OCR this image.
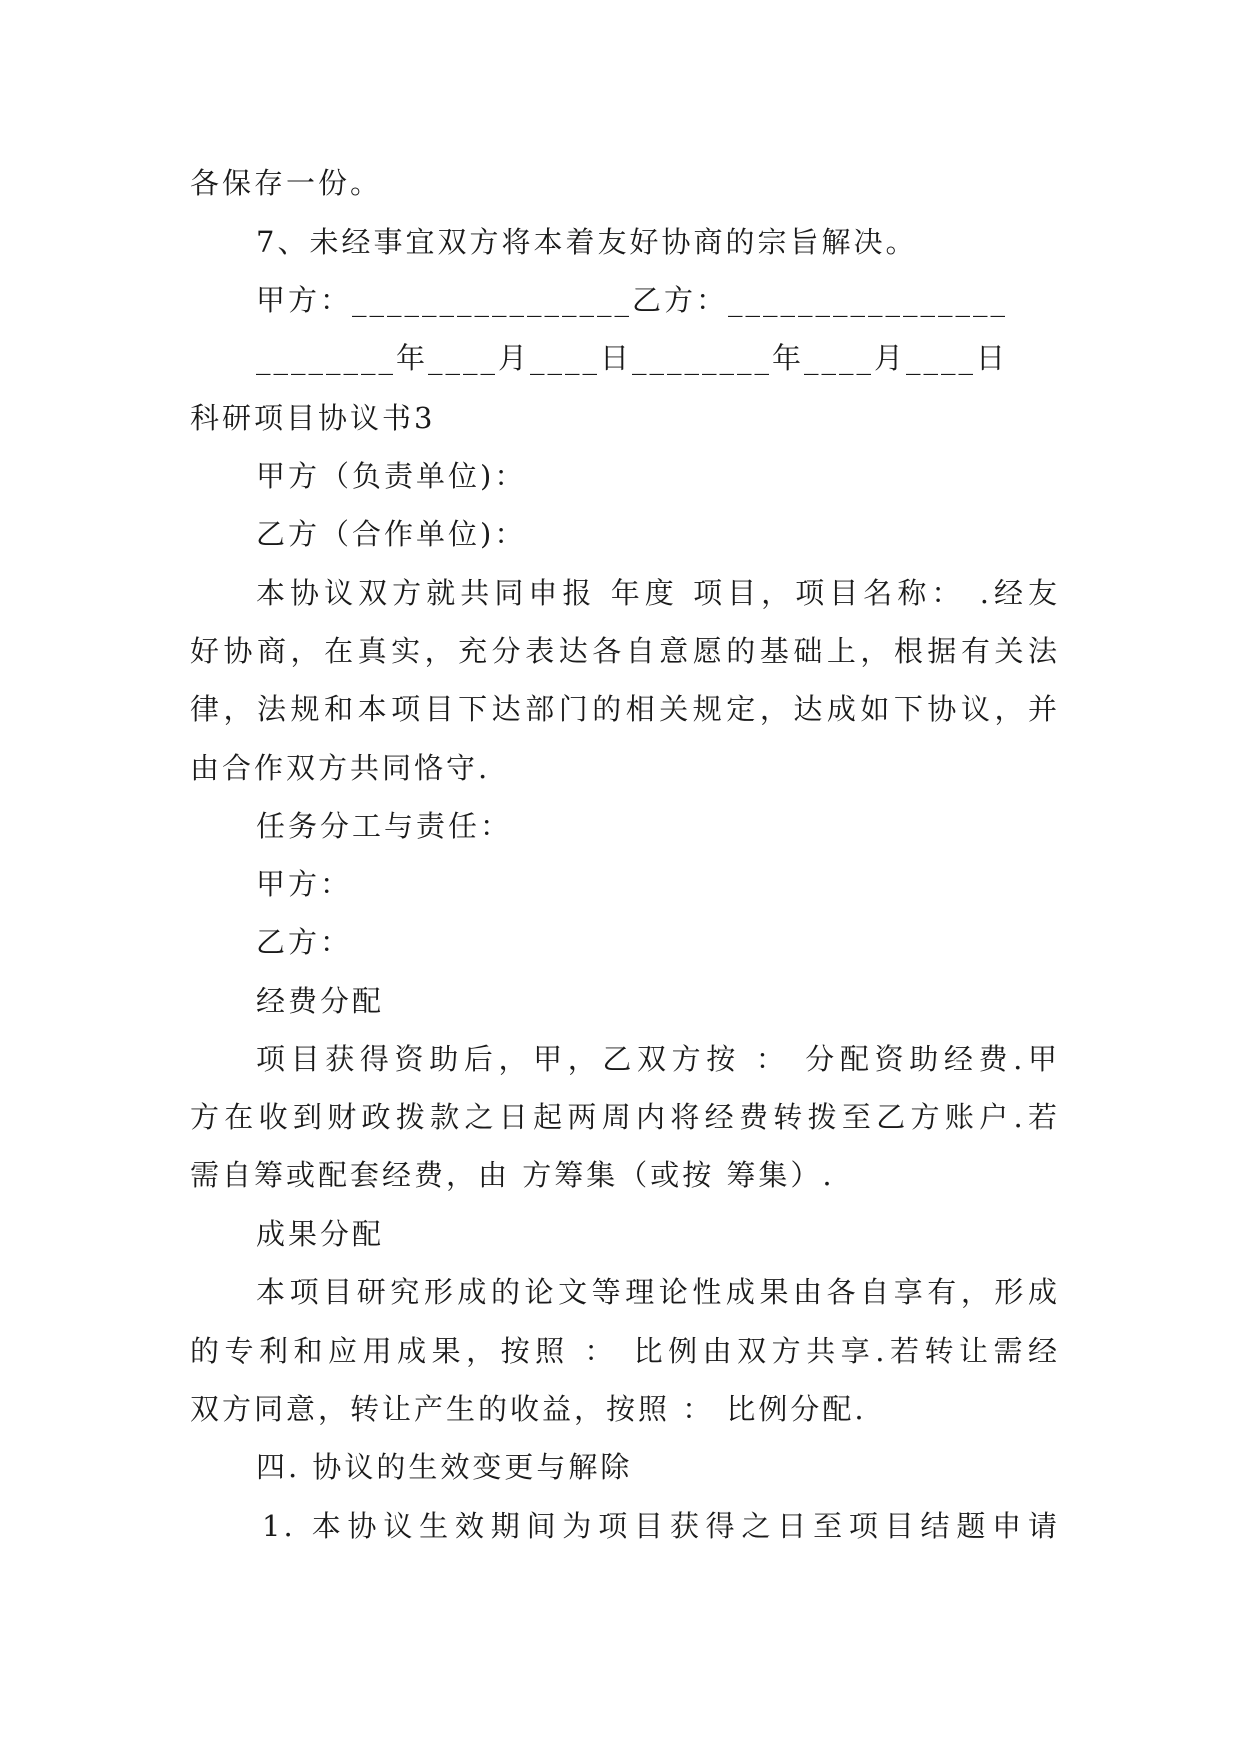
各保存一份。
7、未经事宜双方将本着友好协商的宗旨解决。
甲方：________________乙方：________________
________年____月____日________年____月____日
科研项目协议书3
甲方（负责单位)：
乙方（合作单位)：
本协议双方就共同申报 年度 项目，项目名称： .经友
好协商，在真实，充分表达各自意愿的基础上，根据有关法
律，法规和本项目下达部门的相关规定，达成如下协议，并
由合作双方共同恪守.
任务分工与责任：
甲方：
乙方：
经费分配
项目获得资助后，甲，乙双方按 ： 分配资助经费.甲
方在收到财政拨款之日起两周内将经费转拨至乙方账户.若
需自筹或配套经费，由 方筹集（或按 筹集）.
成果分配
本项目研究形成的论文等理论性成果由各自享有，形成
的专利和应用成果，按照 ： 比例由双方共享.若转让需经
双方同意，转让产生的收益，按照 ： 比例分配.
四. 协议的生效变更与解除
1. 本协议生效期间为项目获得之日至项目结题申请
